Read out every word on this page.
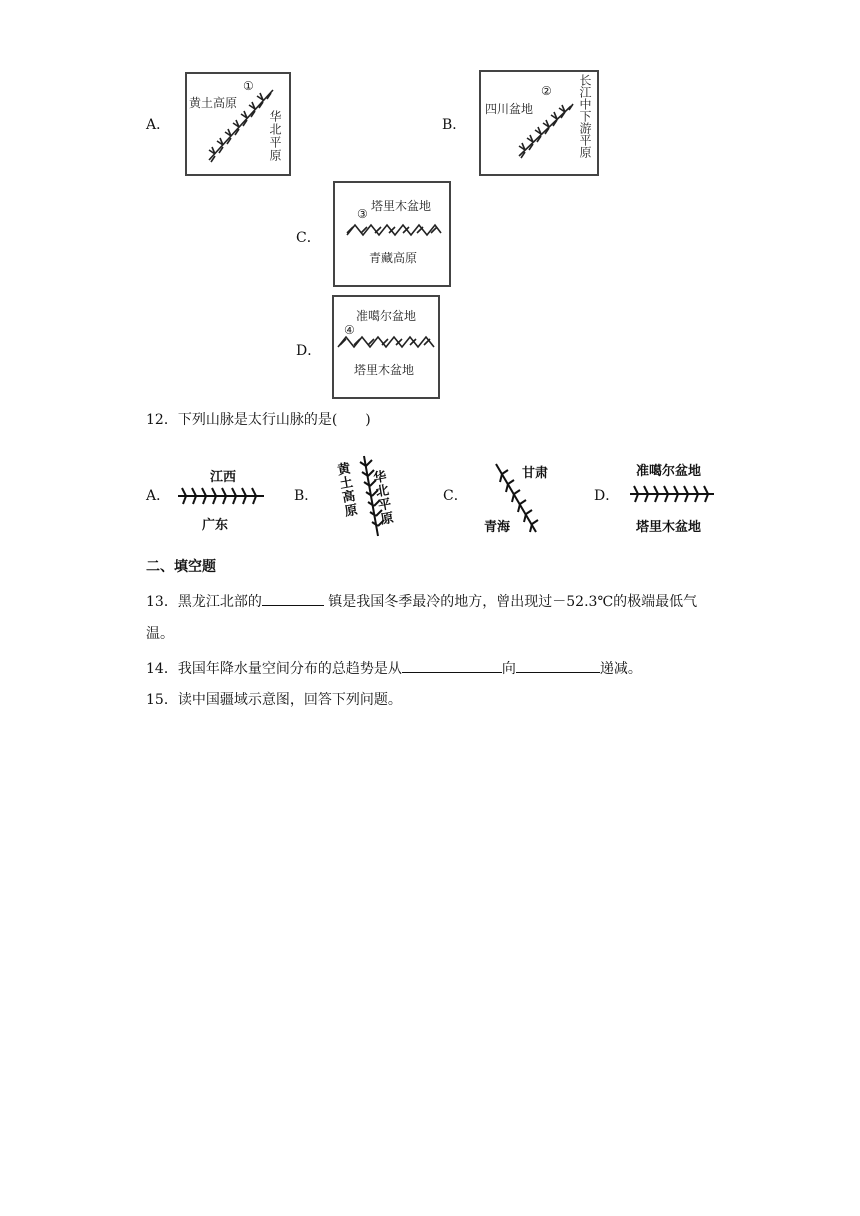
A．
黄土高原
①
华北平原	B．
四川盆地
② 长江中下游平原
C．
塔里木盆地
③
青藏高原
D．
准噶尔盆地
④
塔里木盆地
12．下列山脉是太行山脉的是(　　)
A．
江西
广东
B． 黄土高原 华北平原	C．
甘肃
青海
D．
准噶尔盆地
塔里木盆地
二、填空题
13．黑龙江北部的	镇是我国冬季最冷的地方，曾出现过－52.3℃的极端最低气
温。
14．我国年降水量空间分布的总趋势是从	向	递减。
15．读中国疆域示意图，回答下列问题。
